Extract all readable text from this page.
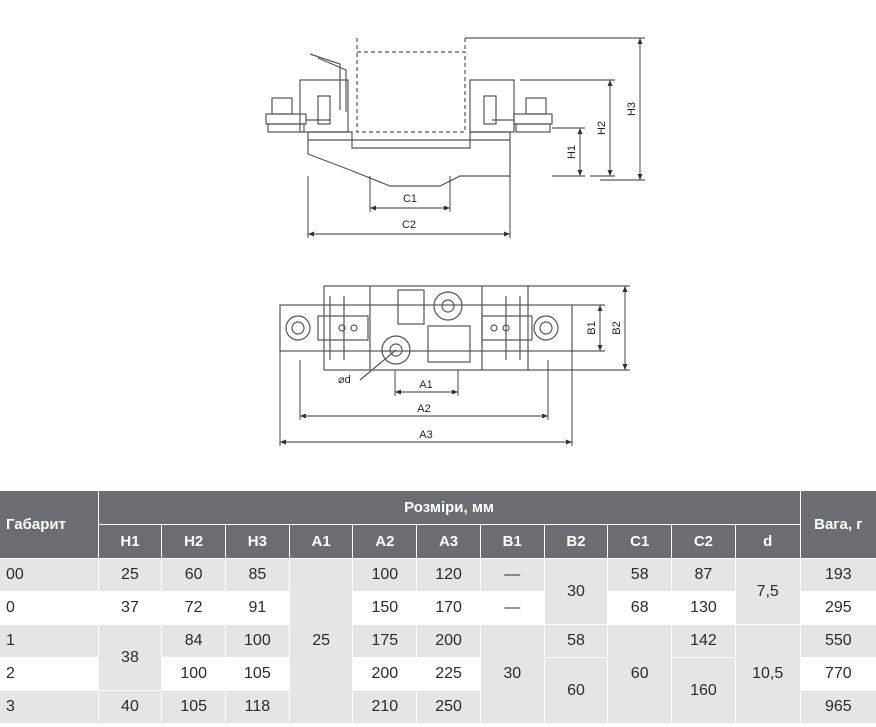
C1
C2
H1
H2
H3
A1
A2
A3
B1 B2
⌀d
Габарит	Розміри, мм											Вага, г
	H1	H2	H3	A1	A2	A3	B1	B2	C1	C2	d	
00	25	60	85	25	100	120	—	30	58	87	7,5	193
0	37	72	91		150	170	—		68	130		295
1	38	84	100		175	200	30	58	60	142	10,5	550
2		100	105		200	225		60		160		770
3	40	105	118		210	250						965
